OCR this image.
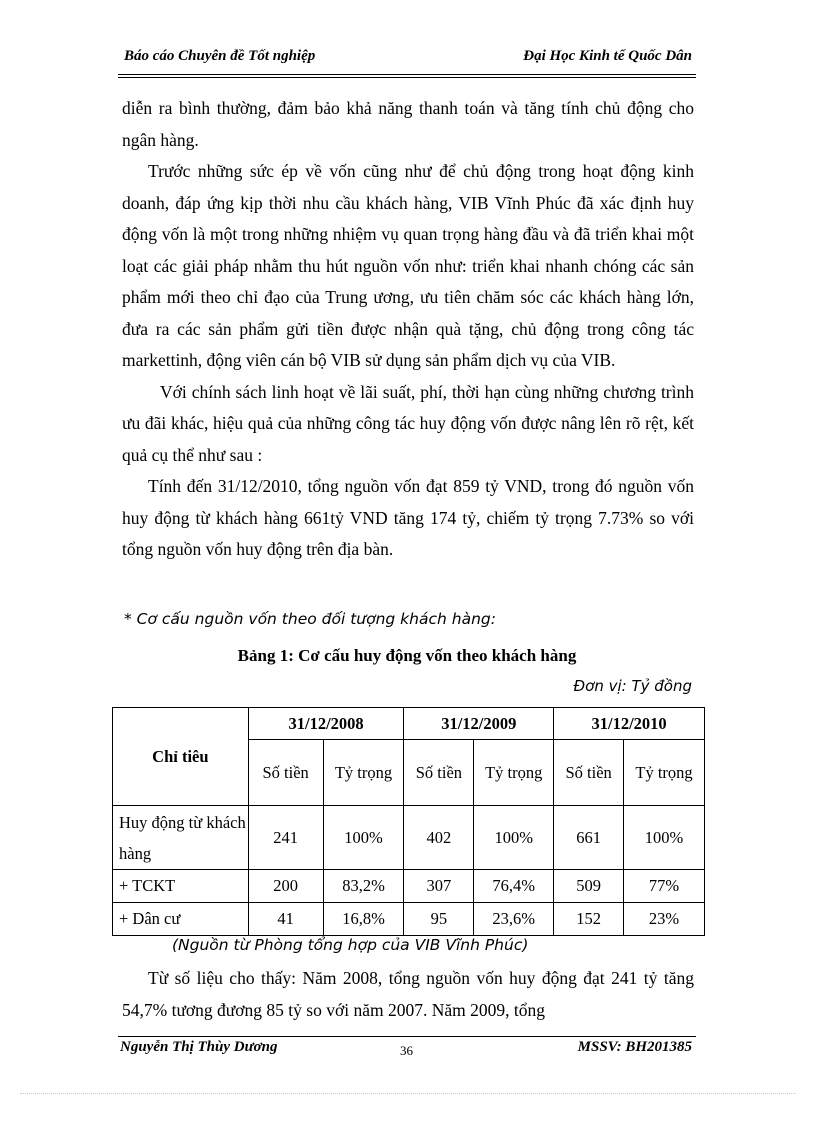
Báo cáo Chuyên đề Tốt nghiệp	Đại Học Kinh tế Quốc Dân

diễn ra bình thường, đảm bảo khả năng thanh toán và tăng tính chủ động cho ngân hàng.

Trước những sức ép về vốn cũng như để chủ động trong hoạt động kinh doanh, đáp ứng kịp thời nhu cầu khách hàng, VIB Vĩnh Phúc đã xác định huy động vốn là một trong những nhiệm vụ quan trọng hàng đầu và đã triển khai một loạt các giải pháp nhằm thu hút nguồn vốn như: triển khai nhanh chóng các sản phẩm mới theo chỉ đạo của Trung ương, ưu tiên chăm sóc các khách hàng lớn, đưa ra các sản phẩm gửi tiền được nhận quà tặng, chủ động trong công tác markettinh, động viên cán bộ VIB sử dụng sản phẩm dịch vụ của VIB.

Với chính sách linh hoạt về lãi suất, phí, thời hạn cùng những chương trình ưu đãi khác, hiệu quả của những công tác huy động vốn được nâng lên rõ rệt, kết quả cụ thể như sau :

Tính đến 31/12/2010, tổng nguồn vốn đạt 859 tỷ VND, trong đó nguồn vốn huy động từ khách hàng 661tỷ VND tăng 174 tỷ, chiếm tỷ trọng 7.73% so với tổng nguồn vốn huy động trên địa bàn.

* Cơ cấu nguồn vốn theo đối tượng khách hàng:
Bảng 1: Cơ cấu huy động vốn theo khách hàng
Đơn vị: Tỷ đồng
Chỉ tiêu	31/12/2008		31/12/2009		31/12/2010	
	Số tiền	Tỷ trọng	Số tiền	Tỷ trọng	Số tiền	Tỷ trọng
Huy động từ khách hàng	241	100%	402	100%	661	100%
+ TCKT	200	83,2%	307	76,4%	509	77%
+ Dân cư	41	16,8%	95	23,6%	152	23%
(Nguồn từ Phòng tổng hợp của VIB Vĩnh Phúc)
Từ số liệu cho thấy: Năm 2008, tổng nguồn vốn huy động đạt 241 tỷ tăng 54,7% tương đương 85 tỷ so với năm 2007. Năm 2009, tổng
Nguyễn Thị Thùy Dương	36	MSSV: BH201385
